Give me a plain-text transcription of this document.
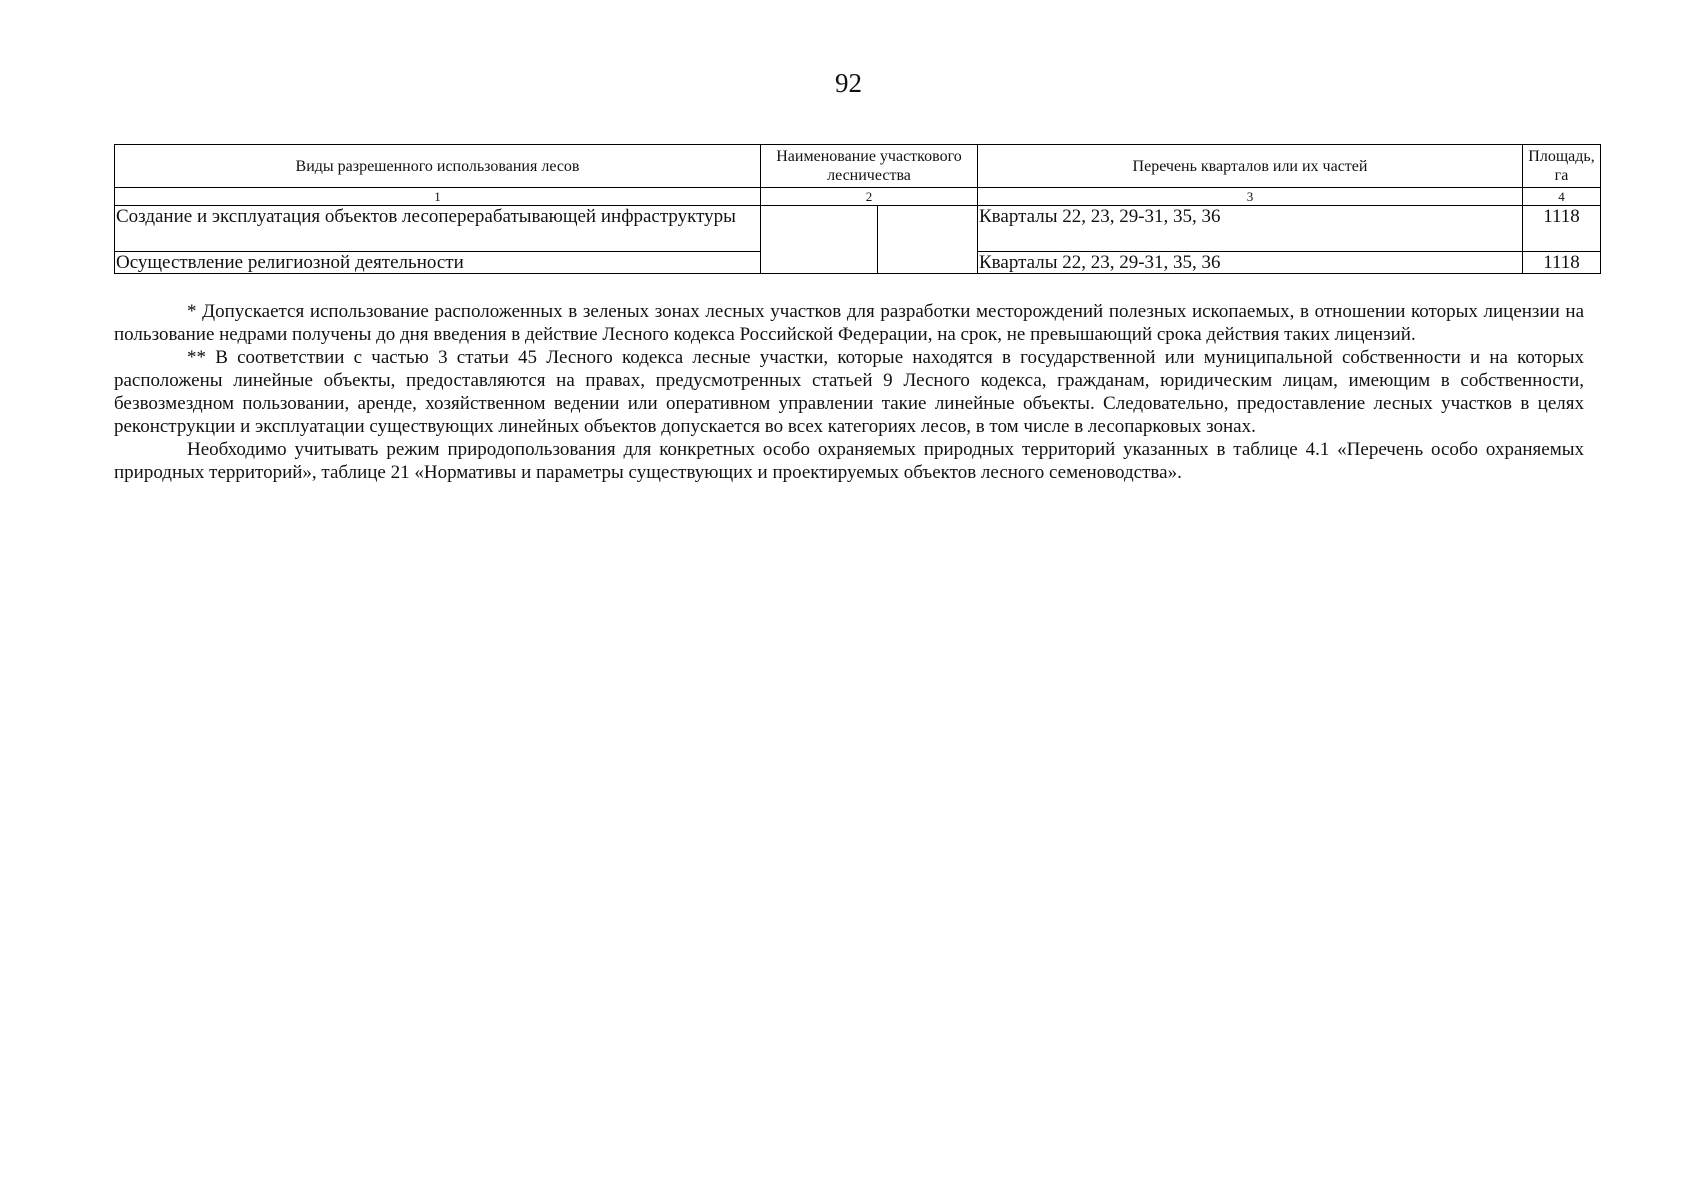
92
Виды разрешенного использования лесов	Наименование участкового лесничества	Перечень кварталов или их частей	Площадь, га
1	2	3	4
Создание и эксплуатация объектов лесоперерабатывающей инфраструктуры		Кварталы 22, 23, 29-31, 35, 36	1118
Осуществление религиозной деятельности		Кварталы 22, 23, 29-31, 35, 36	1118

* Допускается использование расположенных в зеленых зонах лесных участков для разработки месторождений полезных ископаемых, в отношении которых лицензии на пользование недрами получены до дня введения в действие Лесного кодекса Российской Федерации, на срок, не превышающий срока действия таких лицензий.

** В соответствии с частью 3 статьи 45 Лесного кодекса лесные участки, которые находятся в государственной или муниципальной собственности и на которых расположены линейные объекты, предоставляются на правах, предусмотренных статьей 9 Лесного кодекса, гражданам, юридическим лицам, имеющим в собственности, безвозмездном пользовании, аренде, хозяйственном ведении или оперативном управлении такие линейные объекты. Следовательно, предоставление лесных участков в целях реконструкции и эксплуатации существующих линейных объектов допускается во всех категориях лесов, в том числе в лесопарковых зонах.

Необходимо учитывать режим природопользования для конкретных особо охраняемых природных территорий указанных в таблице 4.1 «Перечень особо охраняемых природных территорий», таблице 21 «Нормативы и параметры существующих и проектируемых объектов лесного семеноводства».
